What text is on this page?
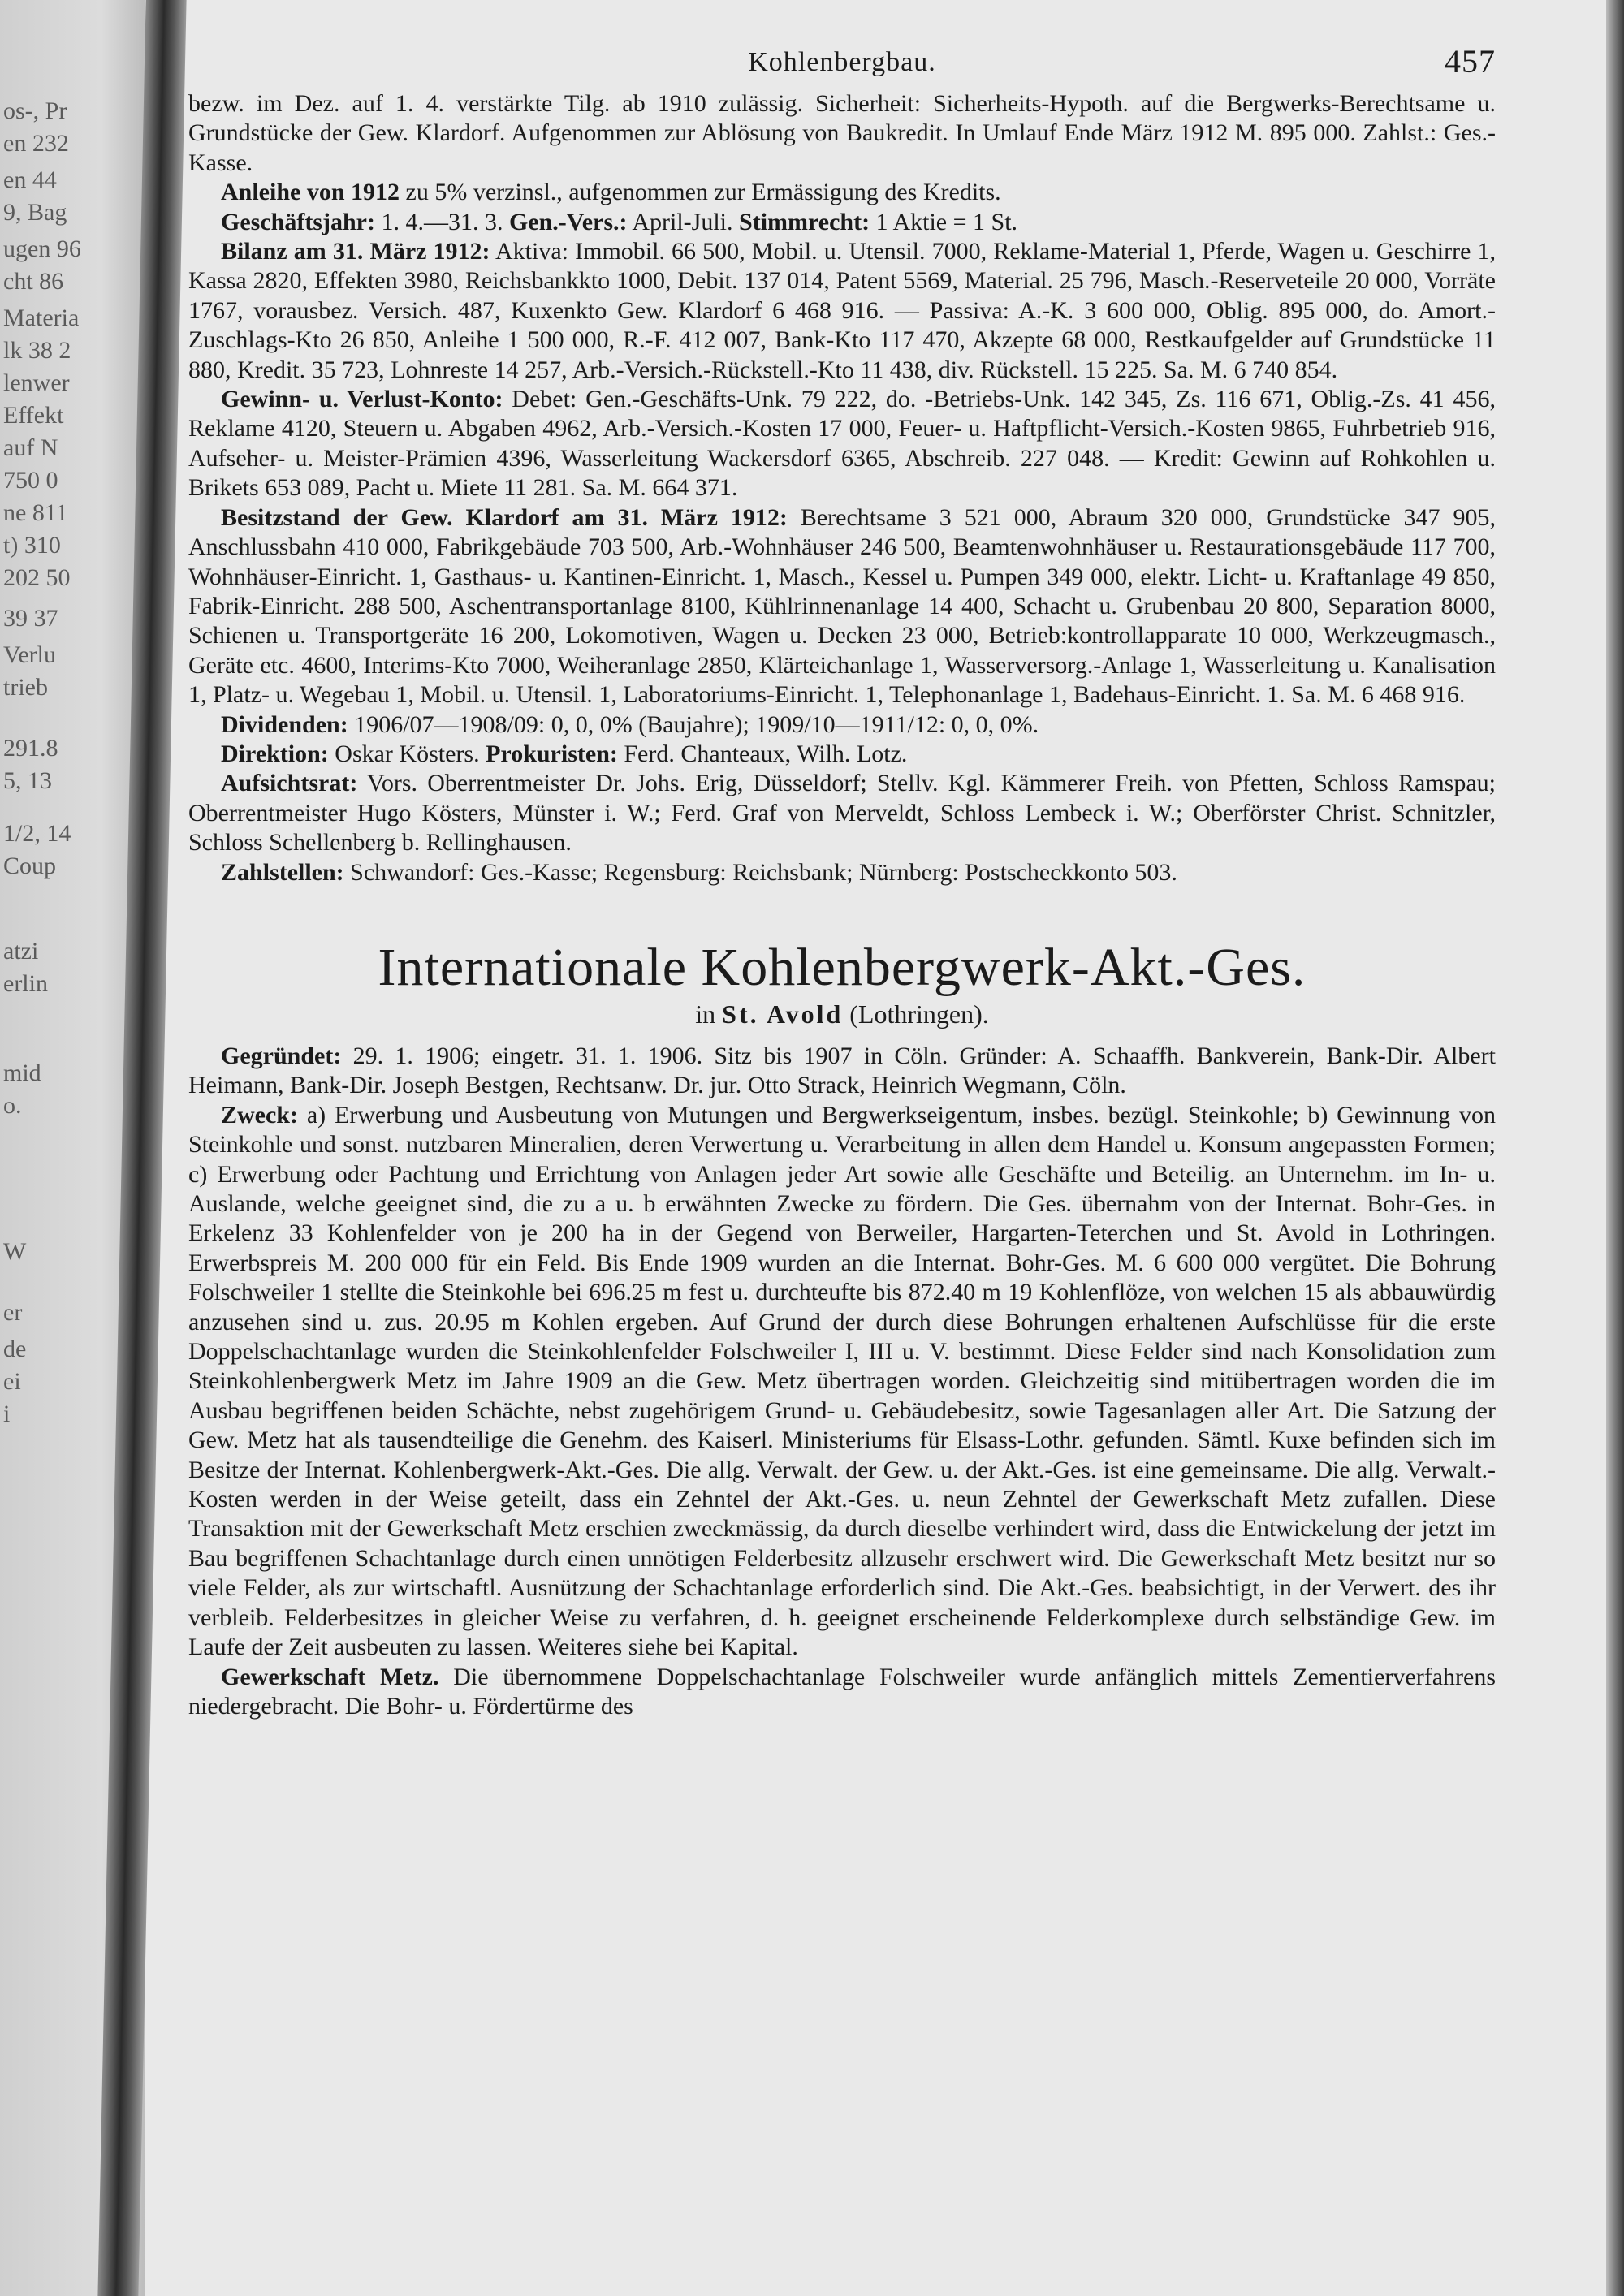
os-, Pr
en 232
en 44
9, Bag
ugen 96
cht 86
Materia
lk 38 2
lenwer
Effekt
auf N
750 0
ne 811
t) 310
202 50
39 37
Verlu
trieb
291.8
5, 13
1/2, 14
Coup
atzi
erlin
mid
o.
W
er
de
ei
i
Kohlenbergbau.	457

bezw. im Dez. auf 1. 4. verstärkte Tilg. ab 1910 zulässig. Sicherheit: Sicherheits-Hypoth. auf die Bergwerks-Berechtsame u. Grundstücke der Gew. Klardorf. Aufgenommen zur Ablösung von Baukredit. In Umlauf Ende März 1912 M. 895 000. Zahlst.: Ges.-Kasse.

Anleihe von 1912 zu 5% verzinsl., aufgenommen zur Ermässigung des Kredits.

Geschäftsjahr: 1. 4.—31. 3. Gen.-Vers.: April-Juli. Stimmrecht: 1 Aktie = 1 St.

Bilanz am 31. März 1912: Aktiva: Immobil. 66 500, Mobil. u. Utensil. 7000, Reklame-Material 1, Pferde, Wagen u. Geschirre 1, Kassa 2820, Effekten 3980, Reichsbankkto 1000, Debit. 137 014, Patent 5569, Material. 25 796, Masch.-Reserveteile 20 000, Vorräte 1767, vorausbez. Versich. 487, Kuxenkto Gew. Klardorf 6 468 916. — Passiva: A.-K. 3 600 000, Oblig. 895 000, do. Amort.-Zuschlags-Kto 26 850, Anleihe 1 500 000, R.-F. 412 007, Bank-Kto 117 470, Akzepte 68 000, Restkaufgelder auf Grundstücke 11 880, Kredit. 35 723, Lohnreste 14 257, Arb.-Versich.-Rückstell.-Kto 11 438, div. Rückstell. 15 225. Sa. M. 6 740 854.

Gewinn- u. Verlust-Konto: Debet: Gen.-Geschäfts-Unk. 79 222, do. -Betriebs-Unk. 142 345, Zs. 116 671, Oblig.-Zs. 41 456, Reklame 4120, Steuern u. Abgaben 4962, Arb.-Versich.-Kosten 17 000, Feuer- u. Haftpflicht-Versich.-Kosten 9865, Fuhrbetrieb 916, Aufseher- u. Meister-Prämien 4396, Wasserleitung Wackersdorf 6365, Abschreib. 227 048. — Kredit: Gewinn auf Rohkohlen u. Brikets 653 089, Pacht u. Miete 11 281. Sa. M. 664 371.

Besitzstand der Gew. Klardorf am 31. März 1912: Berechtsame 3 521 000, Abraum 320 000, Grundstücke 347 905, Anschlussbahn 410 000, Fabrikgebäude 703 500, Arb.-Wohnhäuser 246 500, Beamtenwohnhäuser u. Restaurationsgebäude 117 700, Wohnhäuser-Einricht. 1, Gasthaus- u. Kantinen-Einricht. 1, Masch., Kessel u. Pumpen 349 000, elektr. Licht- u. Kraftanlage 49 850, Fabrik-Einricht. 288 500, Aschentransportanlage 8100, Kühlrinnenanlage 14 400, Schacht u. Grubenbau 20 800, Separation 8000, Schienen u. Transportgeräte 16 200, Lokomotiven, Wagen u. Decken 23 000, Betrieb:kontrollapparate 10 000, Werkzeugmasch., Geräte etc. 4600, Interims-Kto 7000, Weiheranlage 2850, Klärteichanlage 1, Wasserversorg.-Anlage 1, Wasserleitung u. Kanalisation 1, Platz- u. Wegebau 1, Mobil. u. Utensil. 1, Laboratoriums-Einricht. 1, Telephonanlage 1, Badehaus-Einricht. 1. Sa. M. 6 468 916.

Dividenden: 1906/07—1908/09: 0, 0, 0% (Baujahre); 1909/10—1911/12: 0, 0, 0%.

Direktion: Oskar Kösters. Prokuristen: Ferd. Chanteaux, Wilh. Lotz.

Aufsichtsrat: Vors. Oberrentmeister Dr. Johs. Erig, Düsseldorf; Stellv. Kgl. Kämmerer Freih. von Pfetten, Schloss Ramspau; Oberrentmeister Hugo Kösters, Münster i. W.; Ferd. Graf von Merveldt, Schloss Lembeck i. W.; Oberförster Christ. Schnitzler, Schloss Schellenberg b. Rellinghausen.

Zahlstellen: Schwandorf: Ges.-Kasse; Regensburg: Reichsbank; Nürnberg: Postscheckkonto 503.

Internationale Kohlenbergwerk-Akt.-Ges.
in St. Avold (Lothringen).

Gegründet: 29. 1. 1906; eingetr. 31. 1. 1906. Sitz bis 1907 in Cöln. Gründer: A. Schaaffh. Bankverein, Bank-Dir. Albert Heimann, Bank-Dir. Joseph Bestgen, Rechtsanw. Dr. jur. Otto Strack, Heinrich Wegmann, Cöln.

Zweck: a) Erwerbung und Ausbeutung von Mutungen und Bergwerkseigentum, insbes. bezügl. Steinkohle; b) Gewinnung von Steinkohle und sonst. nutzbaren Mineralien, deren Verwertung u. Verarbeitung in allen dem Handel u. Konsum angepassten Formen; c) Erwerbung oder Pachtung und Errichtung von Anlagen jeder Art sowie alle Geschäfte und Beteilig. an Unternehm. im In- u. Auslande, welche geeignet sind, die zu a u. b erwähnten Zwecke zu fördern. Die Ges. übernahm von der Internat. Bohr-Ges. in Erkelenz 33 Kohlenfelder von je 200 ha in der Gegend von Berweiler, Hargarten-Teterchen und St. Avold in Lothringen. Erwerbspreis M. 200 000 für ein Feld. Bis Ende 1909 wurden an die Internat. Bohr-Ges. M. 6 600 000 vergütet. Die Bohrung Folschweiler 1 stellte die Steinkohle bei 696.25 m fest u. durchteufte bis 872.40 m 19 Kohlenflöze, von welchen 15 als abbauwürdig anzusehen sind u. zus. 20.95 m Kohlen ergeben. Auf Grund der durch diese Bohrungen erhaltenen Aufschlüsse für die erste Doppelschachtanlage wurden die Steinkohlenfelder Folschweiler I, III u. V. bestimmt. Diese Felder sind nach Konsolidation zum Steinkohlenbergwerk Metz im Jahre 1909 an die Gew. Metz übertragen worden. Gleichzeitig sind mitübertragen worden die im Ausbau begriffenen beiden Schächte, nebst zugehörigem Grund- u. Gebäudebesitz, sowie Tagesanlagen aller Art. Die Satzung der Gew. Metz hat als tausendteilige die Genehm. des Kaiserl. Ministeriums für Elsass-Lothr. gefunden. Sämtl. Kuxe befinden sich im Besitze der Internat. Kohlenbergwerk-Akt.-Ges. Die allg. Verwalt. der Gew. u. der Akt.-Ges. ist eine gemeinsame. Die allg. Verwalt.-Kosten werden in der Weise geteilt, dass ein Zehntel der Akt.-Ges. u. neun Zehntel der Gewerkschaft Metz zufallen. Diese Transaktion mit der Gewerkschaft Metz erschien zweckmässig, da durch dieselbe verhindert wird, dass die Entwickelung der jetzt im Bau begriffenen Schachtanlage durch einen unnötigen Felderbesitz allzusehr erschwert wird. Die Gewerkschaft Metz besitzt nur so viele Felder, als zur wirtschaftl. Ausnützung der Schachtanlage erforderlich sind. Die Akt.-Ges. beabsichtigt, in der Verwert. des ihr verbleib. Felderbesitzes in gleicher Weise zu verfahren, d. h. geeignet erscheinende Felderkomplexe durch selbständige Gew. im Laufe der Zeit ausbeuten zu lassen. Weiteres siehe bei Kapital.

Gewerkschaft Metz. Die übernommene Doppelschachtanlage Folschweiler wurde anfänglich mittels Zementierverfahrens niedergebracht. Die Bohr- u. Fördertürme des
